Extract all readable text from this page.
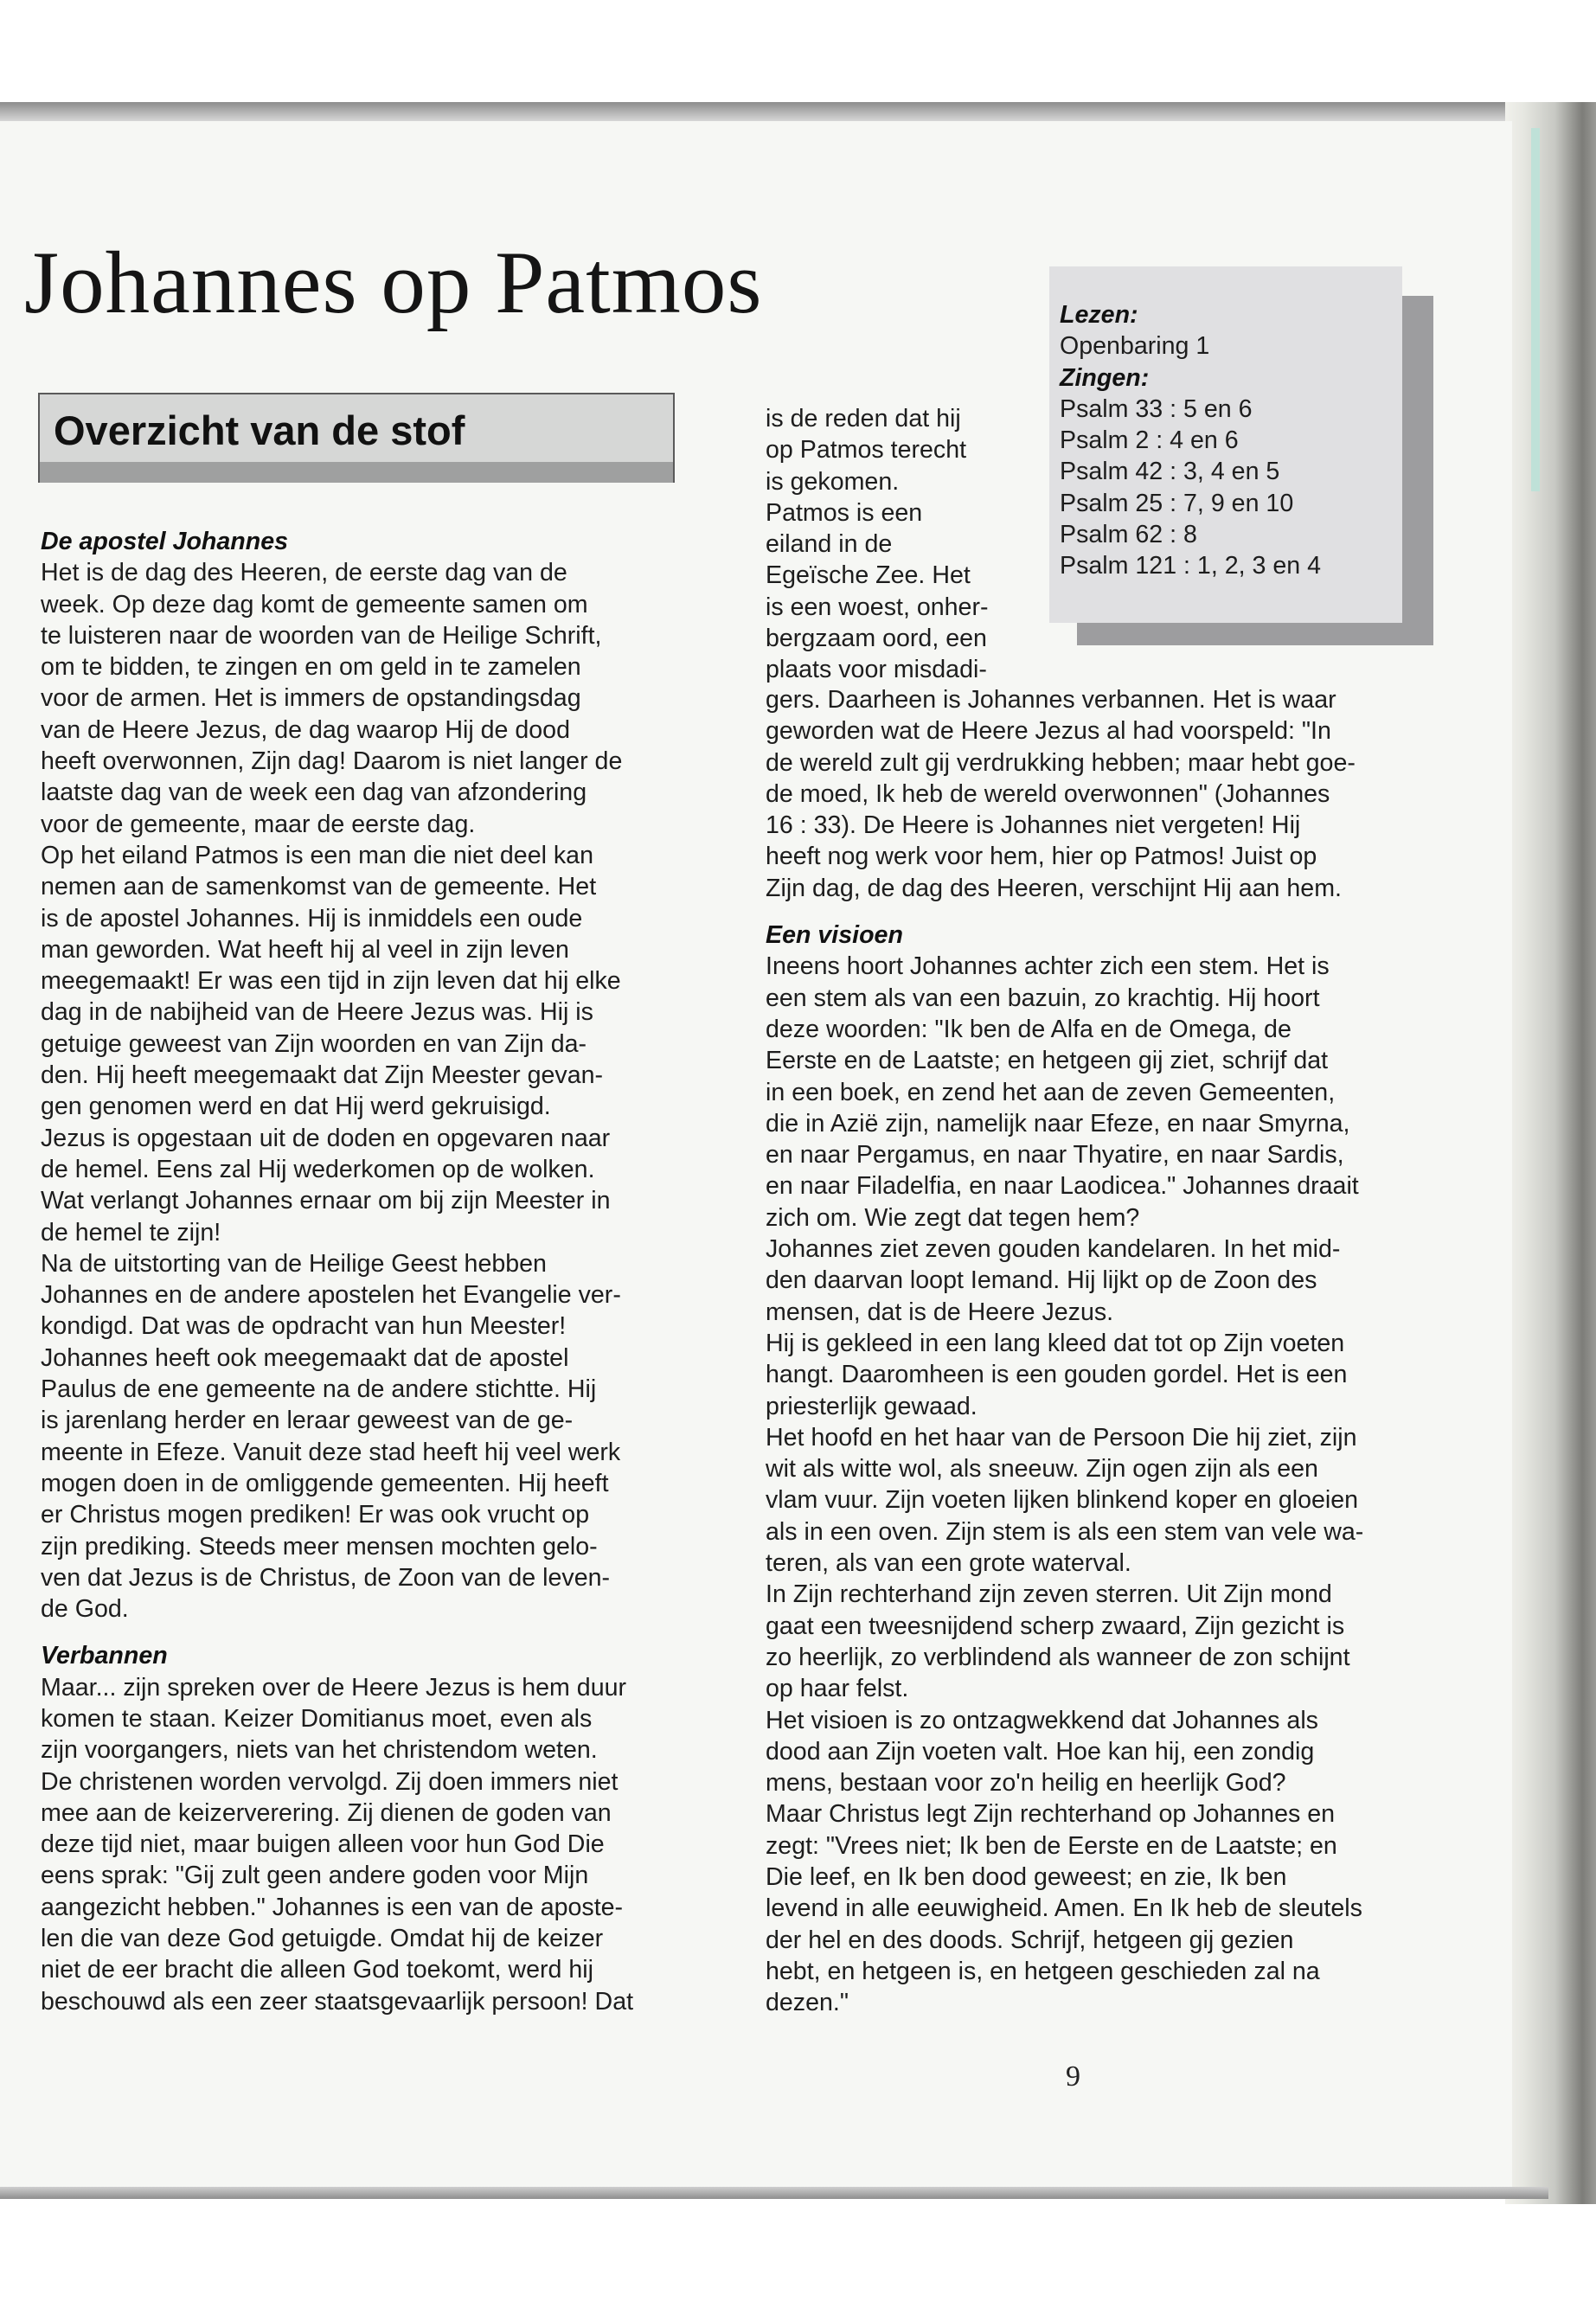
Johannes op Patmos
Overzicht van de stof
Lezen:
Openbaring 1
Zingen:
Psalm 33 : 5 en 6
Psalm 2 : 4 en 6
Psalm 42 : 3, 4 en 5
Psalm 25 : 7, 9 en 10
Psalm 62 : 8
Psalm 121 : 1, 2, 3 en 4
De apostel Johannes

Het is de dag des Heeren, de eerste dag van de

week. Op deze dag komt de gemeente samen om

te luisteren naar de woorden van de Heilige Schrift,

om te bidden, te zingen en om geld in te zamelen

voor de armen. Het is immers de opstandingsdag

van de Heere Jezus, de dag waarop Hij de dood

heeft overwonnen, Zijn dag! Daarom is niet langer de

laatste dag van de week een dag van afzondering

voor de gemeente, maar de eerste dag.

Op het eiland Patmos is een man die niet deel kan

nemen aan de samenkomst van de gemeente. Het

is de apostel Johannes. Hij is inmiddels een oude

man geworden. Wat heeft hij al veel in zijn leven

meegemaakt! Er was een tijd in zijn leven dat hij elke

dag in de nabijheid van de Heere Jezus was. Hij is

getuige geweest van Zijn woorden en van Zijn da-

den. Hij heeft meegemaakt dat Zijn Meester gevan-

gen genomen werd en dat Hij werd gekruisigd.

Jezus is opgestaan uit de doden en opgevaren naar

de hemel. Eens zal Hij wederkomen op de wolken.

Wat verlangt Johannes ernaar om bij zijn Meester in

de hemel te zijn!

Na de uitstorting van de Heilige Geest hebben

Johannes en de andere apostelen het Evangelie ver-

kondigd. Dat was de opdracht van hun Meester!

Johannes heeft ook meegemaakt dat de apostel

Paulus de ene gemeente na de andere stichtte. Hij

is jarenlang herder en leraar geweest van de ge-

meente in Efeze. Vanuit deze stad heeft hij veel werk

mogen doen in de omliggende gemeenten. Hij heeft

er Christus mogen prediken! Er was ook vrucht op

zijn prediking. Steeds meer mensen mochten gelo-

ven dat Jezus is de Christus, de Zoon van de leven-

de God.

Verbannen

Maar... zijn spreken over de Heere Jezus is hem duur

komen te staan. Keizer Domitianus moet, even als

zijn voorgangers, niets van het christendom weten.

De christenen worden vervolgd. Zij doen immers niet

mee aan de keizerverering. Zij dienen de goden van

deze tijd niet, maar buigen alleen voor hun God Die

eens sprak: "Gij zult geen andere goden voor Mijn

aangezicht hebben." Johannes is een van de aposte-

len die van deze God getuigde. Omdat hij de keizer

niet de eer bracht die alleen God toekomt, werd hij

beschouwd als een zeer staatsgevaarlijk persoon! Dat

is de reden dat hij

op Patmos terecht

is gekomen.

Patmos is een

eiland in de

Egeïsche Zee. Het

is een woest, onher-

bergzaam oord, een

plaats voor misdadi-

gers. Daarheen is Johannes verbannen. Het is waar

geworden wat de Heere Jezus al had voorspeld: "In

de wereld zult gij verdrukking hebben; maar hebt goe-

de moed, Ik heb de wereld overwonnen" (Johannes

16 : 33). De Heere is Johannes niet vergeten! Hij

heeft nog werk voor hem, hier op Patmos! Juist op

Zijn dag, de dag des Heeren, verschijnt Hij aan hem.

Een visioen

Ineens hoort Johannes achter zich een stem. Het is

een stem als van een bazuin, zo krachtig. Hij hoort

deze woorden: "Ik ben de Alfa en de Omega, de

Eerste en de Laatste; en hetgeen gij ziet, schrijf dat

in een boek, en zend het aan de zeven Gemeenten,

die in Azië zijn, namelijk naar Efeze, en naar Smyrna,

en naar Pergamus, en naar Thyatire, en naar Sardis,

en naar Filadelfia, en naar Laodicea." Johannes draait

zich om. Wie zegt dat tegen hem?

Johannes ziet zeven gouden kandelaren. In het mid-

den daarvan loopt Iemand. Hij lijkt op de Zoon des

mensen, dat is de Heere Jezus.

Hij is gekleed in een lang kleed dat tot op Zijn voeten

hangt. Daaromheen is een gouden gordel. Het is een

priesterlijk gewaad.

Het hoofd en het haar van de Persoon Die hij ziet, zijn

wit als witte wol, als sneeuw. Zijn ogen zijn als een

vlam vuur. Zijn voeten lijken blinkend koper en gloeien

als in een oven. Zijn stem is als een stem van vele wa-

teren, als van een grote waterval.

In Zijn rechterhand zijn zeven sterren. Uit Zijn mond

gaat een tweesnijdend scherp zwaard, Zijn gezicht is

zo heerlijk, zo verblindend als wanneer de zon schijnt

op haar felst.

Het visioen is zo ontzagwekkend dat Johannes als

dood aan Zijn voeten valt. Hoe kan hij, een zondig

mens, bestaan voor zo'n heilig en heerlijk God?

Maar Christus legt Zijn rechterhand op Johannes en

zegt: "Vrees niet; Ik ben de Eerste en de Laatste; en

Die leef, en Ik ben dood geweest; en zie, Ik ben

levend in alle eeuwigheid. Amen. En Ik heb de sleutels

der hel en des doods. Schrijf, hetgeen gij gezien

hebt, en hetgeen is, en hetgeen geschieden zal na

dezen."

9
